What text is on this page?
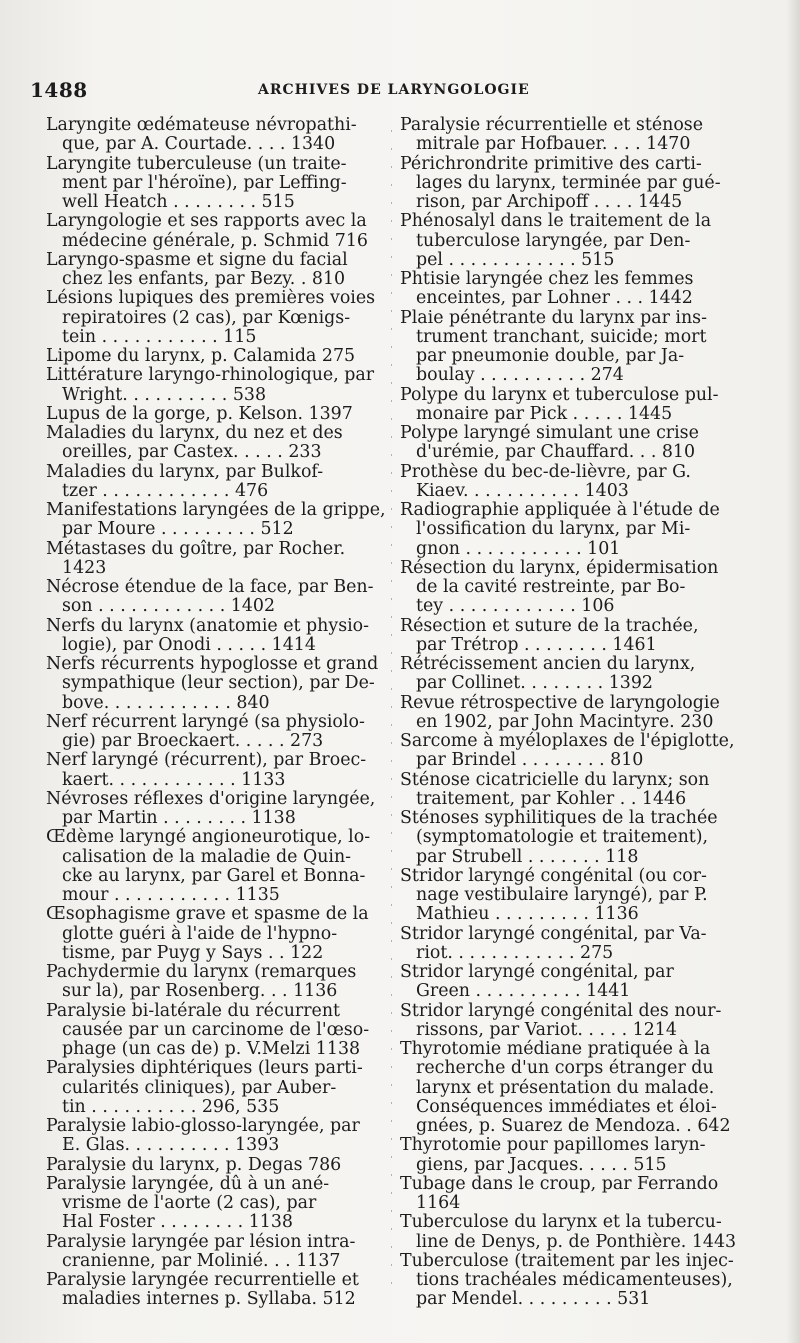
1488	ARCHIVES DE LARYNGOLOGIE
Laryngite œdémateuse névropathi-
que, par A. Courtade. . . . 1340
Laryngite tuberculeuse (un traite-
ment par l'héroïne), par Leffing-
well Heatch . . . . . . . . 515
Laryngologie et ses rapports avec la
médecine générale, p. Schmid 716
Laryngo-spasme et signe du facial
chez les enfants, par Bezy. . 810
Lésions lupiques des premières voies
repiratoires (2 cas), par Kœnigs-
tein . . . . . . . . . . . 115
Lipome du larynx, p. Calamida 275
Littérature laryngo-rhinologique, par
Wright. . . . . . . . . . 538
Lupus de la gorge, p. Kelson. 1397
Maladies du larynx, du nez et des
oreilles, par Castex. . . . . 233
Maladies du larynx, par Bulkof-
tzer . . . . . . . . . . . . 476
Manifestations laryngées de la grippe,
par Moure . . . . . . . . . 512
Métastases du goître, par Rocher.
1423
Nécrose étendue de la face, par Ben-
son . . . . . . . . . . . . 1402
Nerfs du larynx (anatomie et physio-
logie), par Onodi . . . . . 1414
Nerfs récurrents hypoglosse et grand
sympathique (leur section), par De-
bove. . . . . . . . . . . . 840
Nerf récurrent laryngé (sa physiolo-
gie) par Broeckaert. . . . . 273
Nerf laryngé (récurrent), par Broec-
kaert. . . . . . . . . . . . 1133
Névroses réflexes d'origine laryngée,
par Martin . . . . . . . . 1138
Œdème laryngé angioneurotique, lo-
calisation de la maladie de Quin-
cke au larynx, par Garel et Bonna-
mour . . . . . . . . . . . 1135
Œsophagisme grave et spasme de la
glotte guéri à l'aide de l'hypno-
tisme, par Puyg y Says . . 122
Pachydermie du larynx (remarques
sur la), par Rosenberg. . . 1136
Paralysie bi-latérale du récurrent
causée par un carcinome de l'œso-
phage (un cas de) p. V.Melzi 1138
Paralysies diphtériques (leurs parti-
cularités cliniques), par Auber-
tin . . . . . . . . . . 296, 535
Paralysie labio-glosso-laryngée, par
E. Glas. . . . . . . . . . 1393
Paralysie du larynx, p. Degas 786
Paralysie laryngée, dû à un ané-
vrisme de l'aorte (2 cas), par
Hal Foster . . . . . . . . 1138
Paralysie laryngée par lésion intra-
cranienne, par Molinié. . . 1137
Paralysie laryngée recurrentielle et
maladies internes p. Syllaba. 512
Paralysie récurrentielle et sténose
mitrale par Hofbauer. . . . 1470
Périchrondrite primitive des carti-
lages du larynx, terminée par gué-
rison, par Archipoff . . . . 1445
Phénosalyl dans le traitement de la
tuberculose laryngée, par Den-
pel . . . . . . . . . . . . 515
Phtisie laryngée chez les femmes
enceintes, par Lohner . . . 1442
Plaie pénétrante du larynx par ins-
trument tranchant, suicide; mort
par pneumonie double, par Ja-
boulay . . . . . . . . . . 274
Polype du larynx et tuberculose pul-
monaire par Pick . . . . . 1445
Polype laryngé simulant une crise
d'urémie, par Chauffard. . . 810
Prothèse du bec-de-lièvre, par G.
Kiaev. . . . . . . . . . . 1403
Radiographie appliquée à l'étude de
l'ossification du larynx, par Mi-
gnon . . . . . . . . . . . 101
Résection du larynx, épidermisation
de la cavité restreinte, par Bo-
tey . . . . . . . . . . . . 106
Résection et suture de la trachée,
par Trétrop . . . . . . . . 1461
Rétrécissement ancien du larynx,
par Collinet. . . . . . . . 1392
Revue rétrospective de laryngologie
en 1902, par John Macintyre. 230
Sarcome à myéloplaxes de l'épiglotte,
par Brindel . . . . . . . . 810
Sténose cicatricielle du larynx; son
traitement, par Kohler . . 1446
Sténoses syphilitiques de la trachée
(symptomatologie et traitement),
par Strubell . . . . . . . 118
Stridor laryngé congénital (ou cor-
nage vestibulaire laryngé), par P.
Mathieu . . . . . . . . . 1136
Stridor laryngé congénital, par Va-
riot. . . . . . . . . . . . 275
Stridor laryngé congénital, par
Green . . . . . . . . . . 1441
Stridor laryngé congénital des nour-
rissons, par Variot. . . . . 1214
Thyrotomie médiane pratiquée à la
recherche d'un corps étranger du
larynx et présentation du malade.
Conséquences immédiates et éloi-
gnées, p. Suarez de Mendoza. . 642
Thyrotomie pour papillomes laryn-
giens, par Jacques. . . . . 515
Tubage dans le croup, par Ferrando
1164
Tuberculose du larynx et la tubercu-
line de Denys, p. de Ponthière. 1443
Tuberculose (traitement par les injec-
tions trachéales médicamenteuses),
par Mendel. . . . . . . . . 531
